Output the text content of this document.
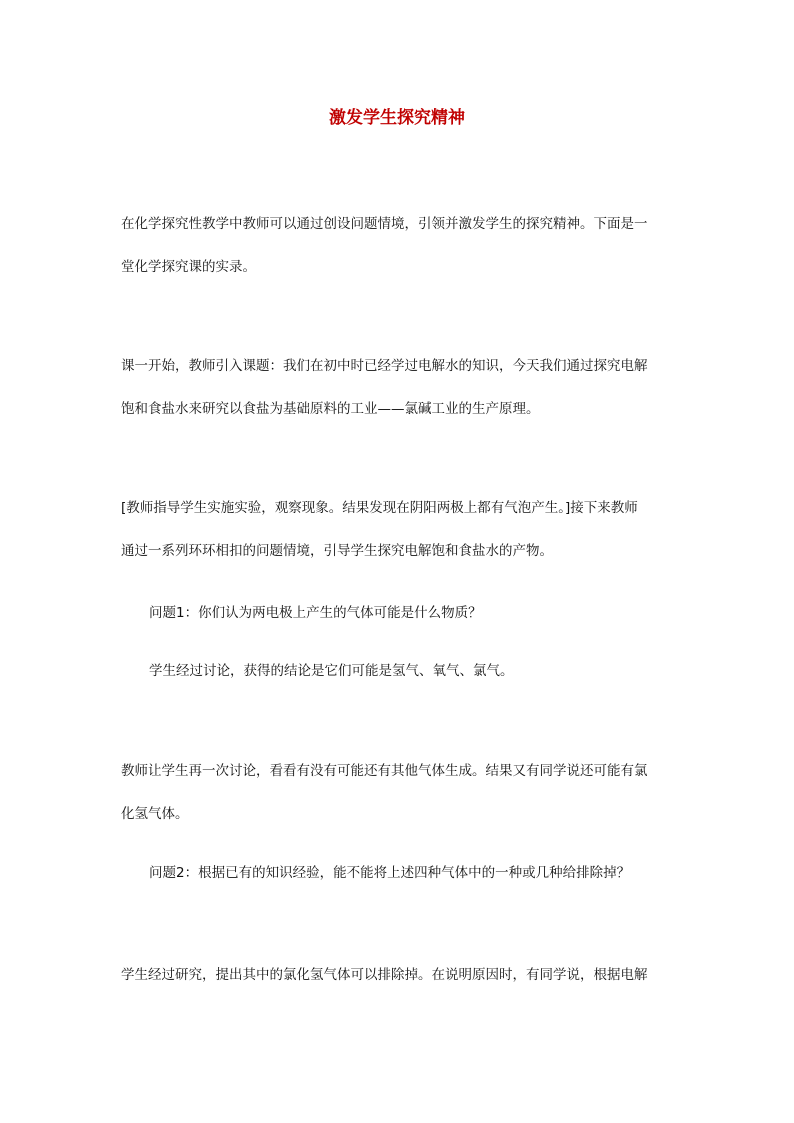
激发学生探究精神

在化学探究性教学中教师可以通过创设问题情境，引领并激发学生的探究精神。下面是一
堂化学探究课的实录。

课一开始，教师引入课题：我们在初中时已经学过电解水的知识，今天我们通过探究电解
饱和食盐水来研究以食盐为基础原料的工业——氯碱工业的生产原理。

[教师指导学生实施实验，观察现象。结果发现在阴阳两极上都有气泡产生。]接下来教师
通过一系列环环相扣的问题情境，引导学生探究电解饱和食盐水的产物。

问题1：你们认为两电极上产生的气体可能是什么物质？

学生经过讨论，获得的结论是它们可能是氢气、氧气、氯气。

教师让学生再一次讨论，看看有没有可能还有其他气体生成。结果又有同学说还可能有氯
化氢气体。

问题2：根据已有的知识经验，能不能将上述四种气体中的一种或几种给排除掉？

学生经过研究，提出其中的氯化氢气体可以排除掉。在说明原因时，有同学说，根据电解
